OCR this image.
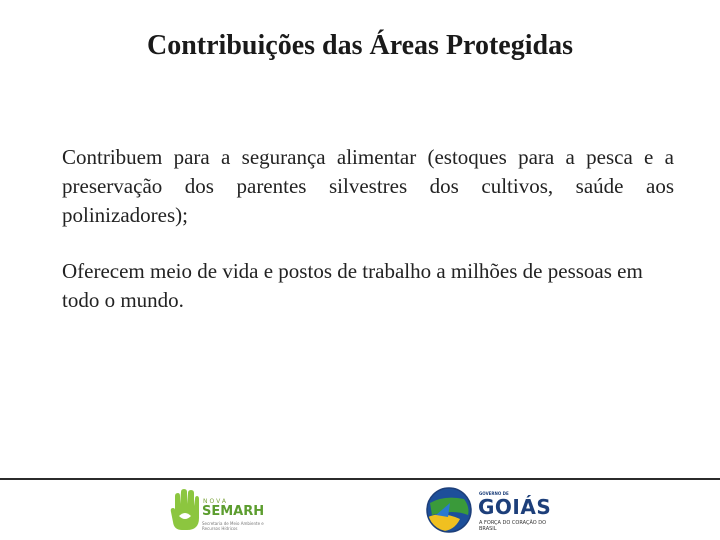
Contribuições das Áreas Protegidas

Contribuem para a segurança alimentar (estoques para a pesca e a preservação dos parentes silvestres dos cultivos, saúde aos polinizadores);

Oferecem meio de vida e postos de trabalho a milhões de pessoas em todo o mundo.

NOVA
SEMARH
Secretaria de Meio Ambiente e Recursos Hídricos
GOVERNO DE
GOIÁS
A FORÇA DO CORAÇÃO DO BRASIL
